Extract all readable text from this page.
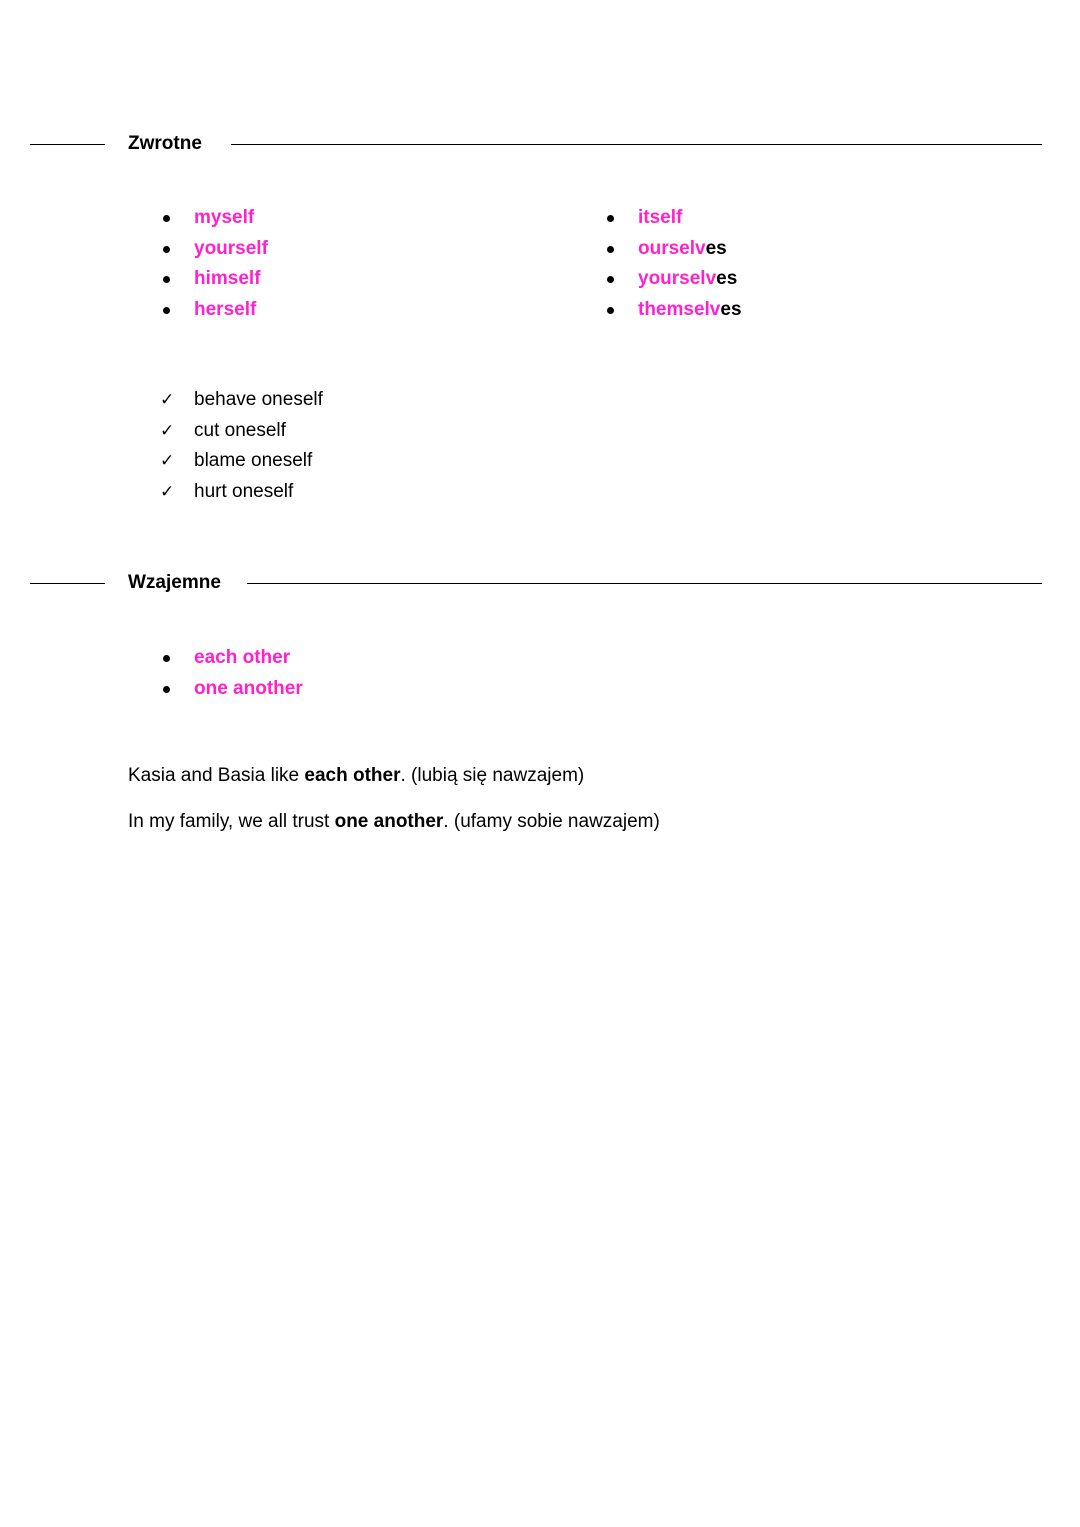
Zwrotne
myself
yourself
himself
herself
itself
ourselves
yourselves
themselves
✓ behave oneself
✓ cut oneself
✓ blame oneself
✓ hurt oneself
Wzajemne
each other
one another
Kasia and Basia like each other. (lubią się nawzajem)
In my family, we all trust one another. (ufamy sobie nawzajem)
